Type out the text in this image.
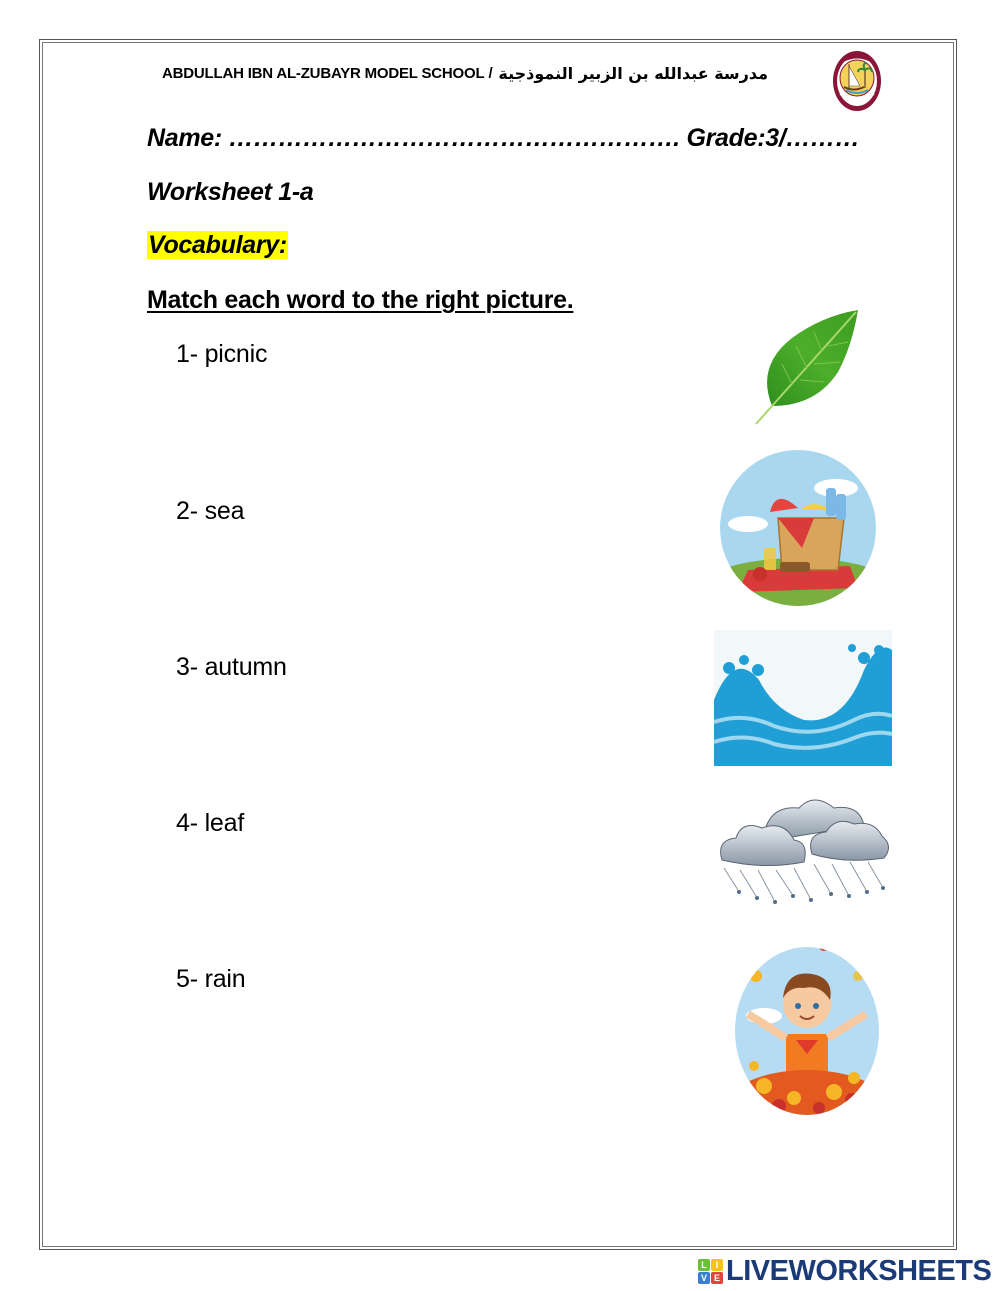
ABDULLAH IBN AL-ZUBAYR MODEL SCHOOL / مدرسة عبدالله بن الزبير النموذجية
Name: ………………………………………………. Grade:3/………
Worksheet 1-a
Vocabulary:
Match each word to the right picture.
1- picnic
2- sea
3- autumn
4- leaf
5- rain
L I
V E LIVEWORKSHEETS
